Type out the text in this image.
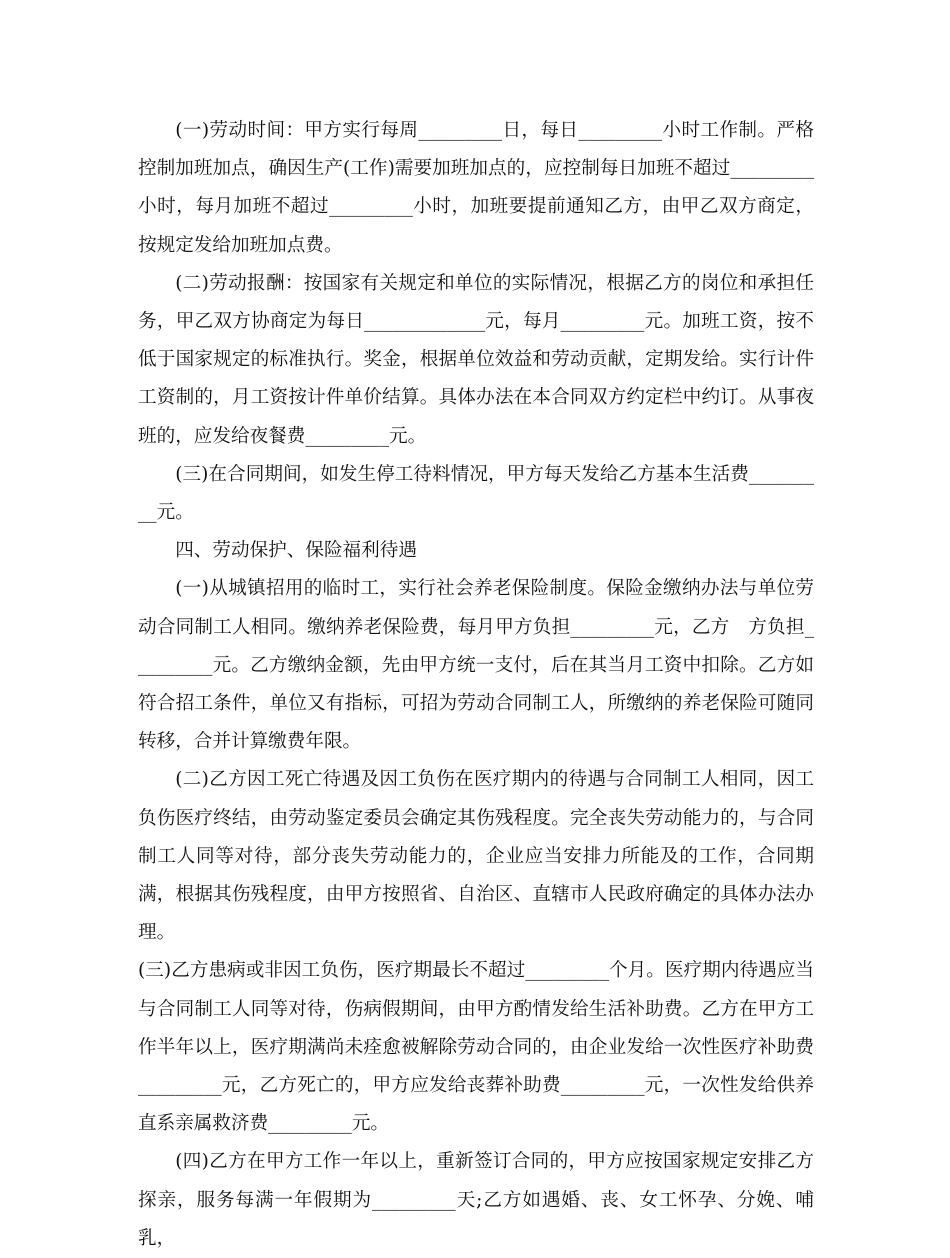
(一)劳动时间：甲方实行每周_________日，每日_________小时工作制。严格控制加班加点，确因生产(工作)需要加班加点的，应控制每日加班不超过_________小时，每月加班不超过_________小时，加班要提前通知乙方，由甲乙双方商定，按规定发给加班加点费。

(二)劳动报酬：按国家有关规定和单位的实际情况，根据乙方的岗位和承担任务，甲乙双方协商定为每日_____________元，每月_________元。加班工资，按不低于国家规定的标准执行。奖金，根据单位效益和劳动贡献，定期发给。实行计件工资制的，月工资按计件单价结算。具体办法在本合同双方约定栏中约订。从事夜班的，应发给夜餐费_________元。

(三)在合同期间，如发生停工待料情况，甲方每天发给乙方基本生活费_________元。

四、劳动保护、保险福利待遇

(一)从城镇招用的临时工，实行社会养老保险制度。保险金缴纳办法与单位劳动合同制工人相同。缴纳养老保险费，每月甲方负担_________元，乙方　方负担_________元。乙方缴纳金额，先由甲方统一支付，后在其当月工资中扣除。乙方如符合招工条件，单位又有指标，可招为劳动合同制工人，所缴纳的养老保险可随同转移，合并计算缴费年限。

(二)乙方因工死亡待遇及因工负伤在医疗期内的待遇与合同制工人相同，因工负伤医疗终结，由劳动鉴定委员会确定其伤残程度。完全丧失劳动能力的，与合同制工人同等对待，部分丧失劳动能力的，企业应当安排力所能及的工作，合同期满，根据其伤残程度，由甲方按照省、自治区、直辖市人民政府确定的具体办法办理。

(三)乙方患病或非因工负伤，医疗期最长不超过_________个月。医疗期内待遇应当与合同制工人同等对待，伤病假期间，由甲方酌情发给生活补助费。乙方在甲方工作半年以上，医疗期满尚未痊愈被解除劳动合同的，由企业发给一次性医疗补助费_________元，乙方死亡的，甲方应发给丧葬补助费_________元，一次性发给供养直系亲属救济费_________元。

(四)乙方在甲方工作一年以上，重新签订合同的，甲方应按国家规定安排乙方探亲，服务每满一年假期为_________天;乙方如遇婚、丧、女工怀孕、分娩、哺乳，
